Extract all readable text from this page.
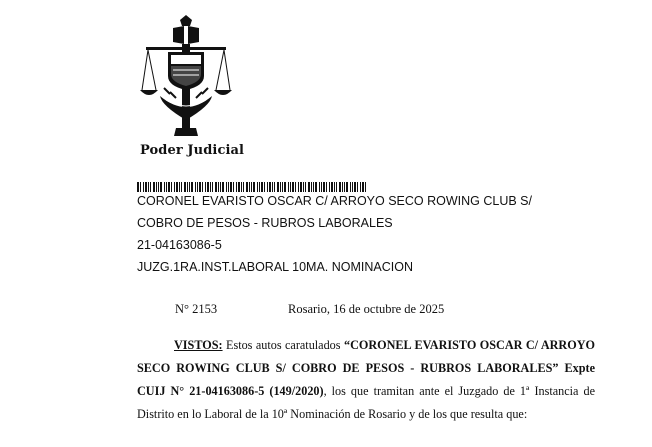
Poder Judicial
CORONEL EVARISTO OSCAR C/ ARROYO SECO ROWING CLUB S/
COBRO DE PESOS - RUBROS LABORALES
21-04163086-5
JUZG.1RA.INST.LABORAL 10MA. NOMINACION
N° 2153	Rosario, 16 de octubre de 2025

VISTOS: Estos autos caratulados “CORONEL EVARISTO OSCAR C/ ARROYO SECO ROWING CLUB S/ COBRO DE PESOS - RUBROS LABORALES” Expte CUIJ N° 21-04163086-5 (149/2020), los que tramitan ante el Juzgado de 1ª Instancia de Distrito en lo Laboral de la 10ª Nominación de Rosario y de los que resulta que:
